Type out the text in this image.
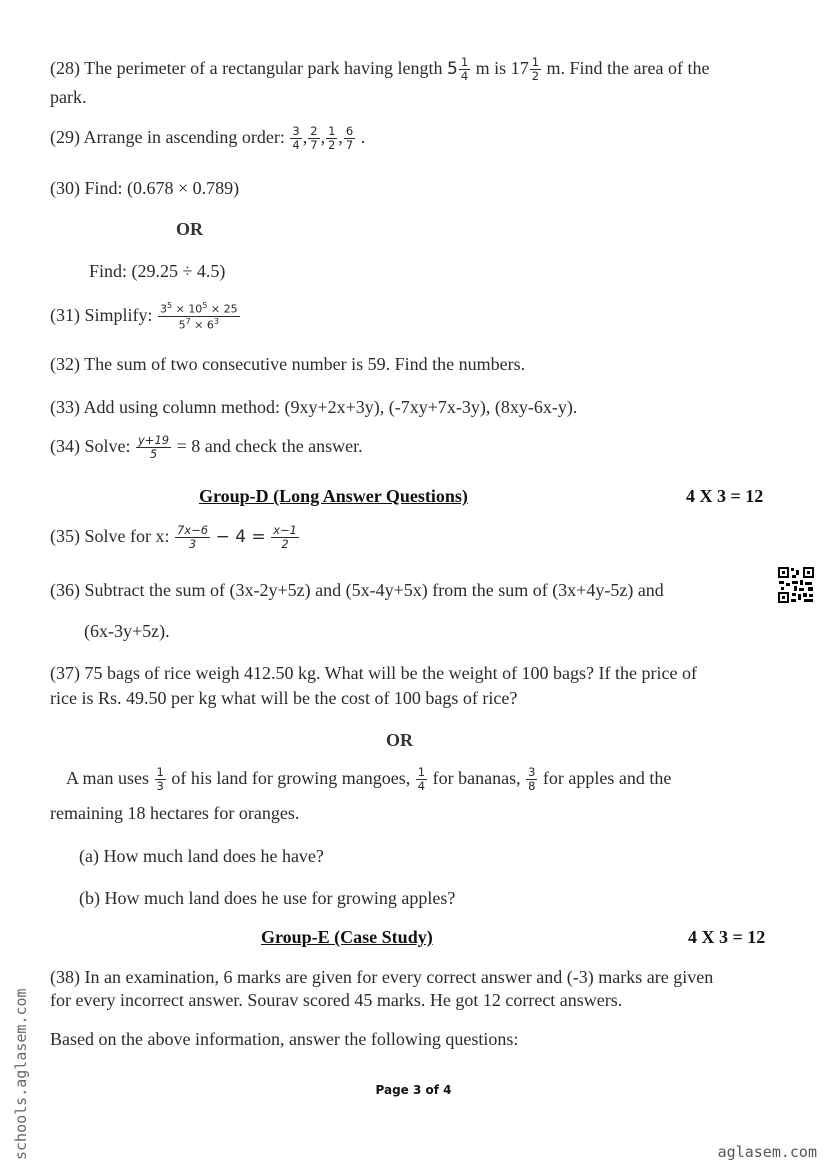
(28) The perimeter of a rectangular park having length $5 \frac{1}{4}$ m is $17 \frac{1}{2} m$. Find the area of the
park.
(29) Arrange in ascending order: $\frac{3}{4}$ , $\frac{2}{7}$ , $\frac{1}{2}$ , $\frac{6}{7}$ .
(30) Find: (0.678 × 0.789)
OR
Find: (29.25 ÷ 4.5)
(31) Simplify: $\frac{3^5 \times 10^5 \times 25}{5^7 \times 6^3}$
(32) The sum of two consecutive number is 59. Find the numbers.
(33) Add using column method: (9xy+2x+3y), (-7xy+7x-3y), (8xy-6x-y).
(34) Solve: $\frac{y+19}{5} = 8$ and check the answer.
Group-D (Long Answer Questions)	4 X 3 = 12
(35) Solve for x: $\frac{7x-6}{3} - 4 = \frac{x-1}{2}$
(36) Subtract the sum of (3x-2y+5z) and (5x-4y+5x) from the sum of (3x+4y-5z) and
(6x-3y+5z).
(37) 75 bags of rice weigh 412.50 kg. What will be the weight of 100 bags? If the price of
rice is Rs. 49.50 per kg what will be the cost of 100 bags of rice?
OR
A man uses $\frac{1}{3}$ of his land for growing mangoes, $\frac{1}{4}$ for bananas, $\frac{3}{8}$ for apples and the
remaining 18 hectares for oranges.
(a) How much land does he have?
(b) How much land does he use for growing apples?
Group-E (Case Study)	4 X 3 = 12
(38) In an examination, 6 marks are given for every correct answer and (-3) marks are given
for every incorrect answer. Sourav scored 45 marks. He got 12 correct answers.
Based on the above information, answer the following questions:
Page 3 of 4
schools.aglasem.com	aglasem.com
